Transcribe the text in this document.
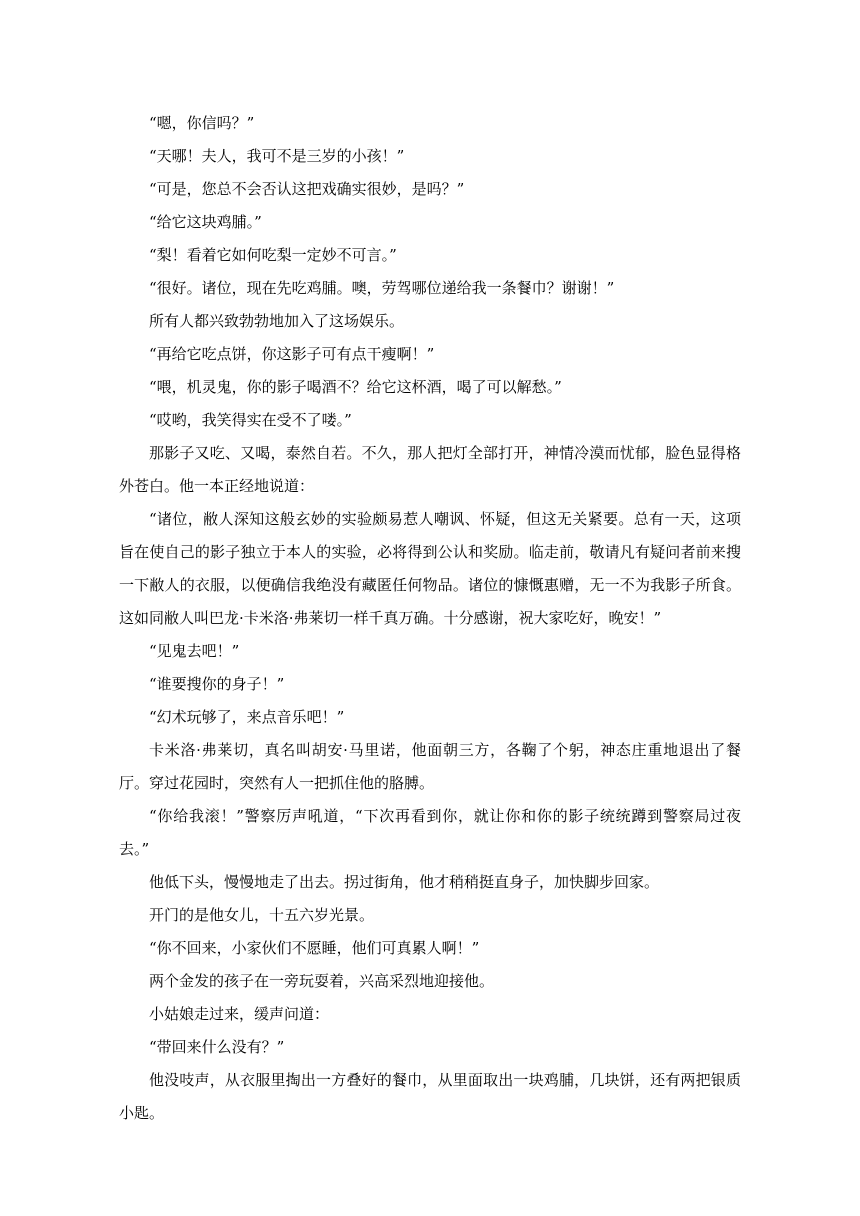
“嗯，你信吗？”

“天哪！夫人，我可不是三岁的小孩！”

“可是，您总不会否认这把戏确实很妙，是吗？”

“给它这块鸡脯。”

“梨！看着它如何吃梨一定妙不可言。”

“很好。诸位，现在先吃鸡脯。噢，劳驾哪位递给我一条餐巾？谢谢！”

所有人都兴致勃勃地加入了这场娱乐。

“再给它吃点饼，你这影子可有点干瘦啊！”

“喂，机灵鬼，你的影子喝酒不？给它这杯酒，喝了可以解愁。”

“哎哟，我笑得实在受不了喽。”

那影子又吃、又喝，泰然自若。不久，那人把灯全部打开，神情冷漠而忧郁，脸色显得格外苍白。他一本正经地说道：

“诸位，敝人深知这般玄妙的实验颇易惹人嘲讽、怀疑，但这无关紧要。总有一天，这项旨在使自己的影子独立于本人的实验，必将得到公认和奖励。临走前，敬请凡有疑问者前来搜一下敝人的衣服，以便确信我绝没有藏匿任何物品。诸位的慷慨惠赠，无一不为我影子所食。这如同敝人叫巴龙·卡米洛·弗莱切一样千真万确。十分感谢，祝大家吃好，晚安！”

“见鬼去吧！”

“谁要搜你的身子！”

“幻术玩够了，来点音乐吧！”

卡米洛·弗莱切，真名叫胡安·马里诺，他面朝三方，各鞠了个躬，神态庄重地退出了餐厅。穿过花园时，突然有人一把抓住他的胳膊。

“你给我滚！”警察厉声吼道，“下次再看到你，就让你和你的影子统统蹲到警察局过夜去。”

他低下头，慢慢地走了出去。拐过街角，他才稍稍挺直身子，加快脚步回家。

开门的是他女儿，十五六岁光景。

“你不回来，小家伙们不愿睡，他们可真累人啊！”

两个金发的孩子在一旁玩耍着，兴高采烈地迎接他。

小姑娘走过来，缓声问道：

“带回来什么没有？”

他没吱声，从衣服里掏出一方叠好的餐巾，从里面取出一块鸡脯，几块饼，还有两把银质小匙。
